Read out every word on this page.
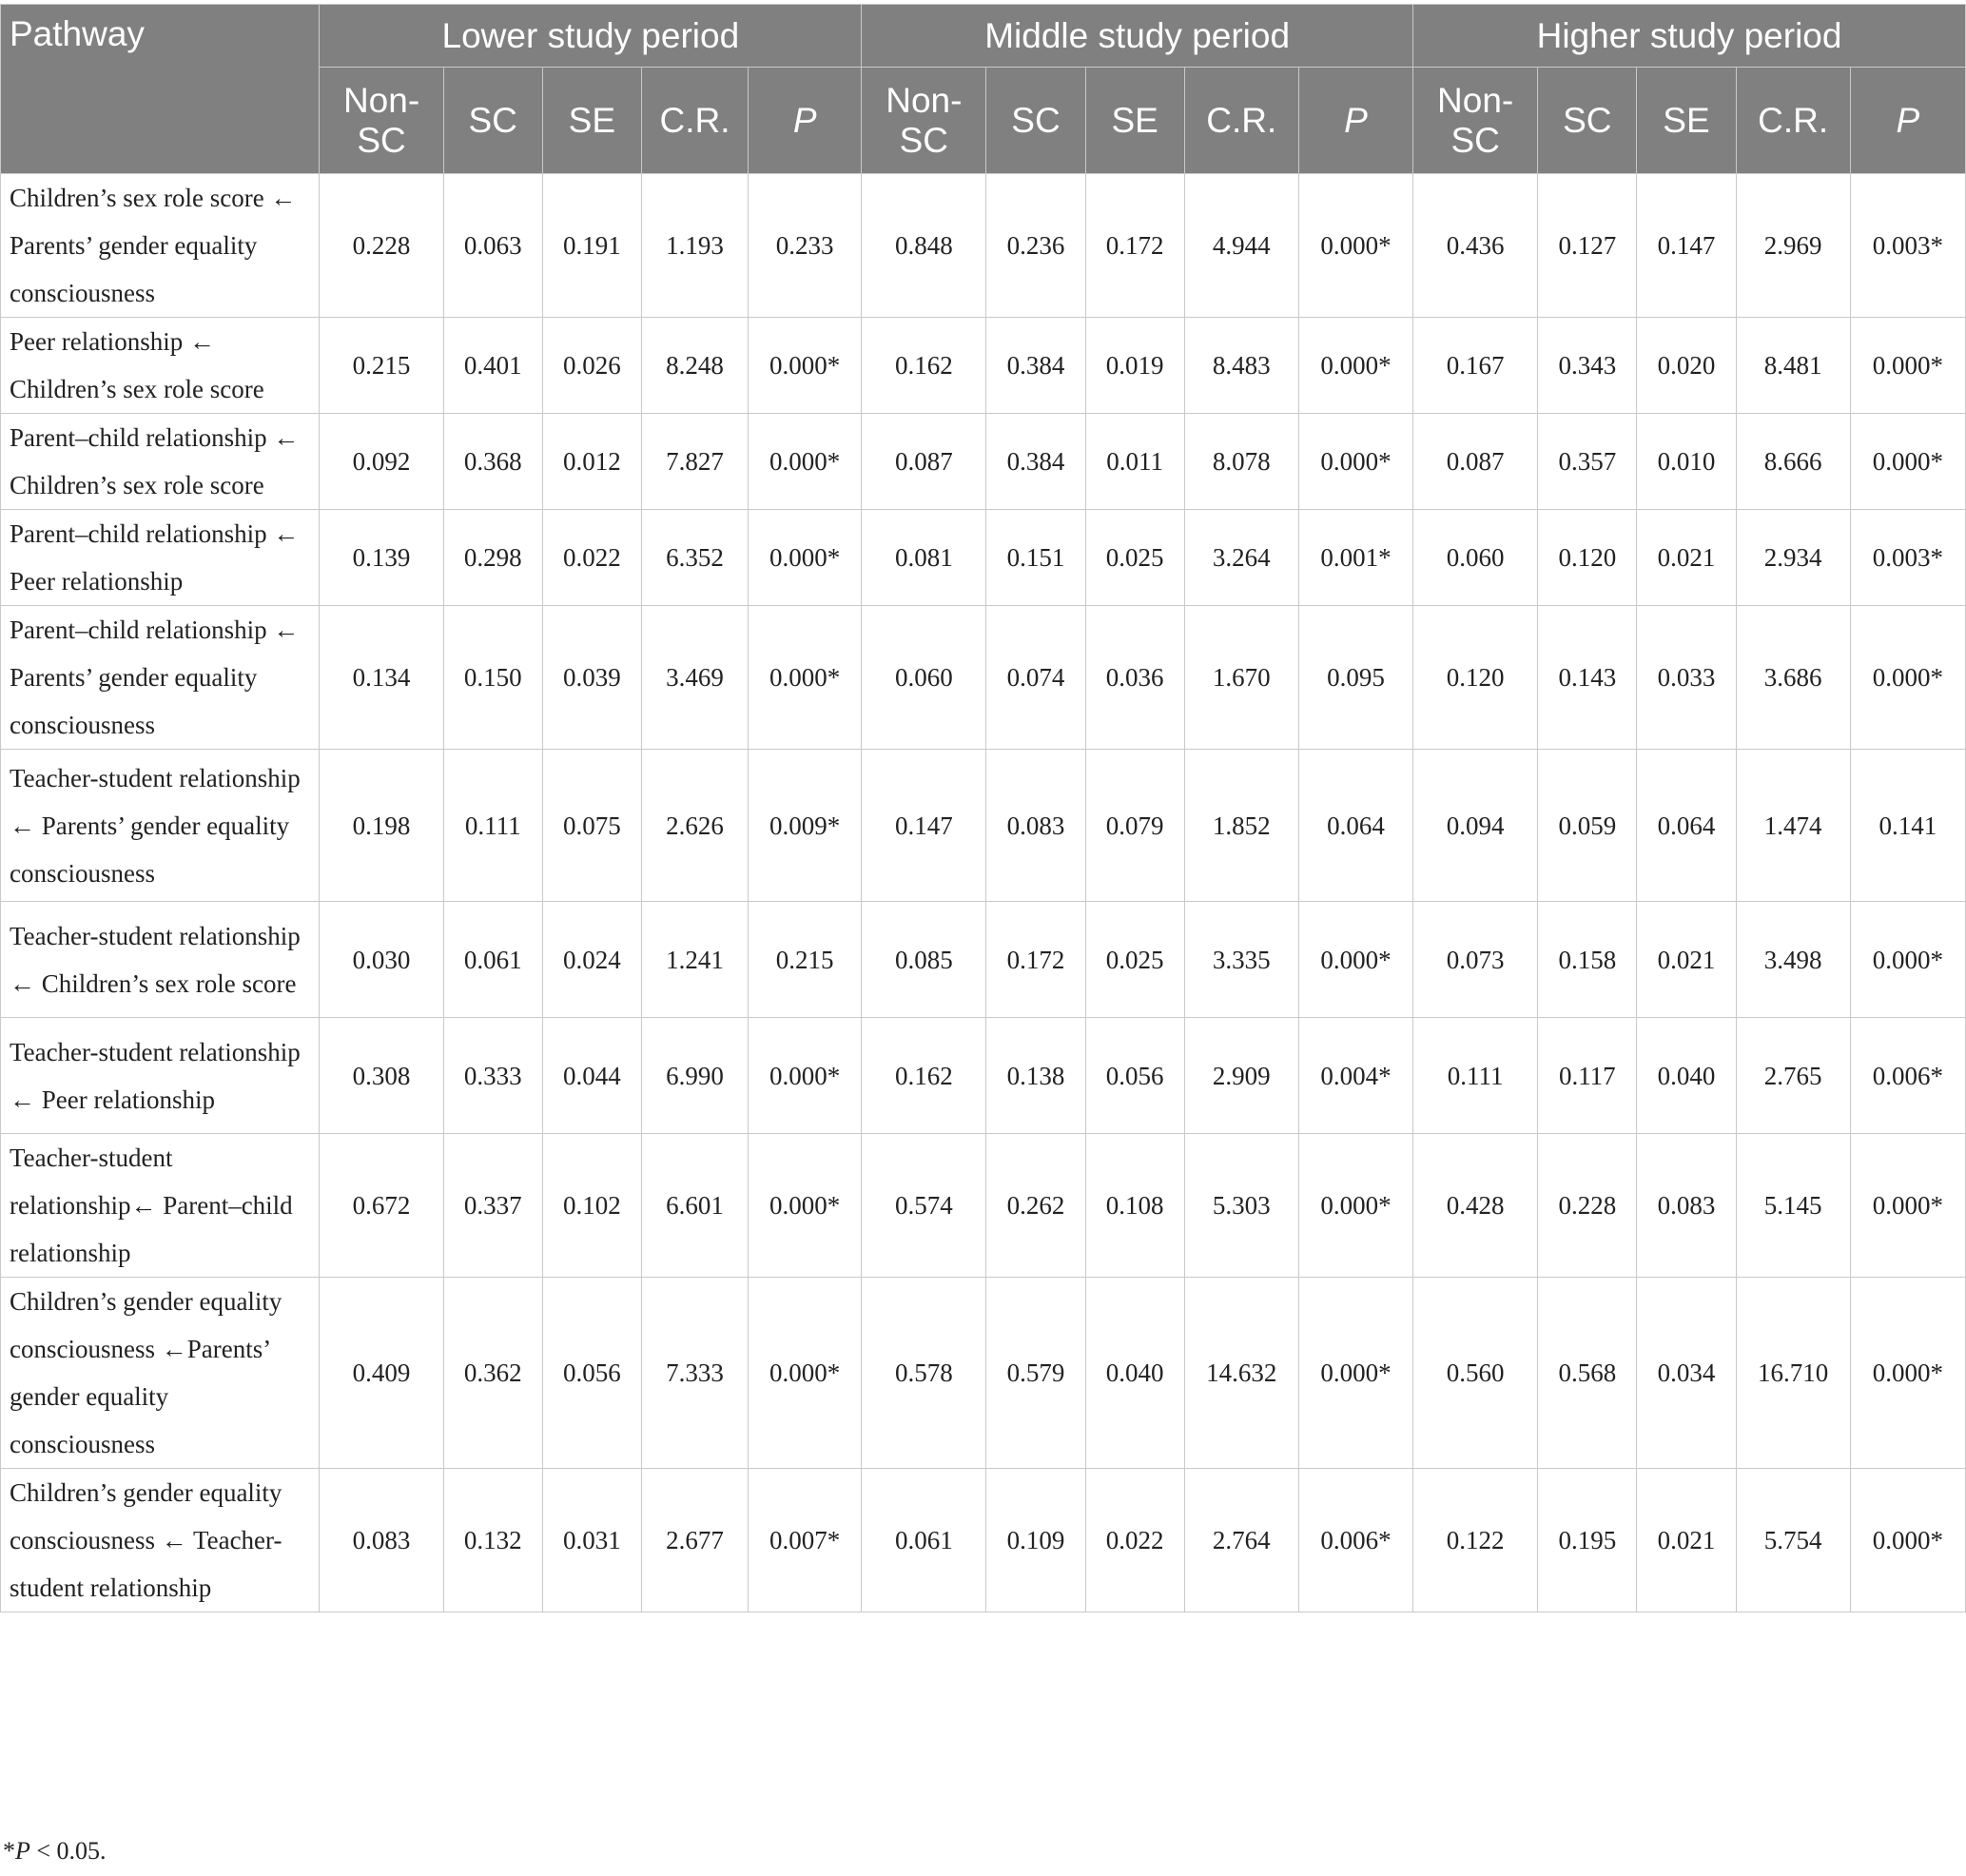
Pathway	Lower study period					Middle study period					Higher study period				
	Non-SC	SC	SE	C.R.	P	Non-SC	SC	SE	C.R.	P	Non-SC	SC	SE	C.R.	P
Children’s sex role score ← Parents’ gender equality consciousness	0.228	0.063	0.191	1.193	0.233	0.848	0.236	0.172	4.944	0.000*	0.436	0.127	0.147	2.969	0.003*
Peer relationship ← Children’s sex role score	0.215	0.401	0.026	8.248	0.000*	0.162	0.384	0.019	8.483	0.000*	0.167	0.343	0.020	8.481	0.000*
Parent–child relationship ← Children’s sex role score	0.092	0.368	0.012	7.827	0.000*	0.087	0.384	0.011	8.078	0.000*	0.087	0.357	0.010	8.666	0.000*
Parent–child relationship ← Peer relationship	0.139	0.298	0.022	6.352	0.000*	0.081	0.151	0.025	3.264	0.001*	0.060	0.120	0.021	2.934	0.003*
Parent–child relationship ← Parents’ gender equality consciousness	0.134	0.150	0.039	3.469	0.000*	0.060	0.074	0.036	1.670	0.095	0.120	0.143	0.033	3.686	0.000*
Teacher-student relationship ← Parents’ gender equality consciousness	0.198	0.111	0.075	2.626	0.009*	0.147	0.083	0.079	1.852	0.064	0.094	0.059	0.064	1.474	0.141
Teacher-student relationship ← Children’s sex role score	0.030	0.061	0.024	1.241	0.215	0.085	0.172	0.025	3.335	0.000*	0.073	0.158	0.021	3.498	0.000*
Teacher-student relationship ← Peer relationship	0.308	0.333	0.044	6.990	0.000*	0.162	0.138	0.056	2.909	0.004*	0.111	0.117	0.040	2.765	0.006*
Teacher-student relationship← Parent–child relationship	0.672	0.337	0.102	6.601	0.000*	0.574	0.262	0.108	5.303	0.000*	0.428	0.228	0.083	5.145	0.000*
Children’s gender equality consciousness ←Parents’ gender equality consciousness	0.409	0.362	0.056	7.333	0.000*	0.578	0.579	0.040	14.632	0.000*	0.560	0.568	0.034	16.710	0.000*
Children’s gender equality consciousness ← Teacher-student relationship	0.083	0.132	0.031	2.677	0.007*	0.061	0.109	0.022	2.764	0.006*	0.122	0.195	0.021	5.754	0.000*
*P < 0.05.
